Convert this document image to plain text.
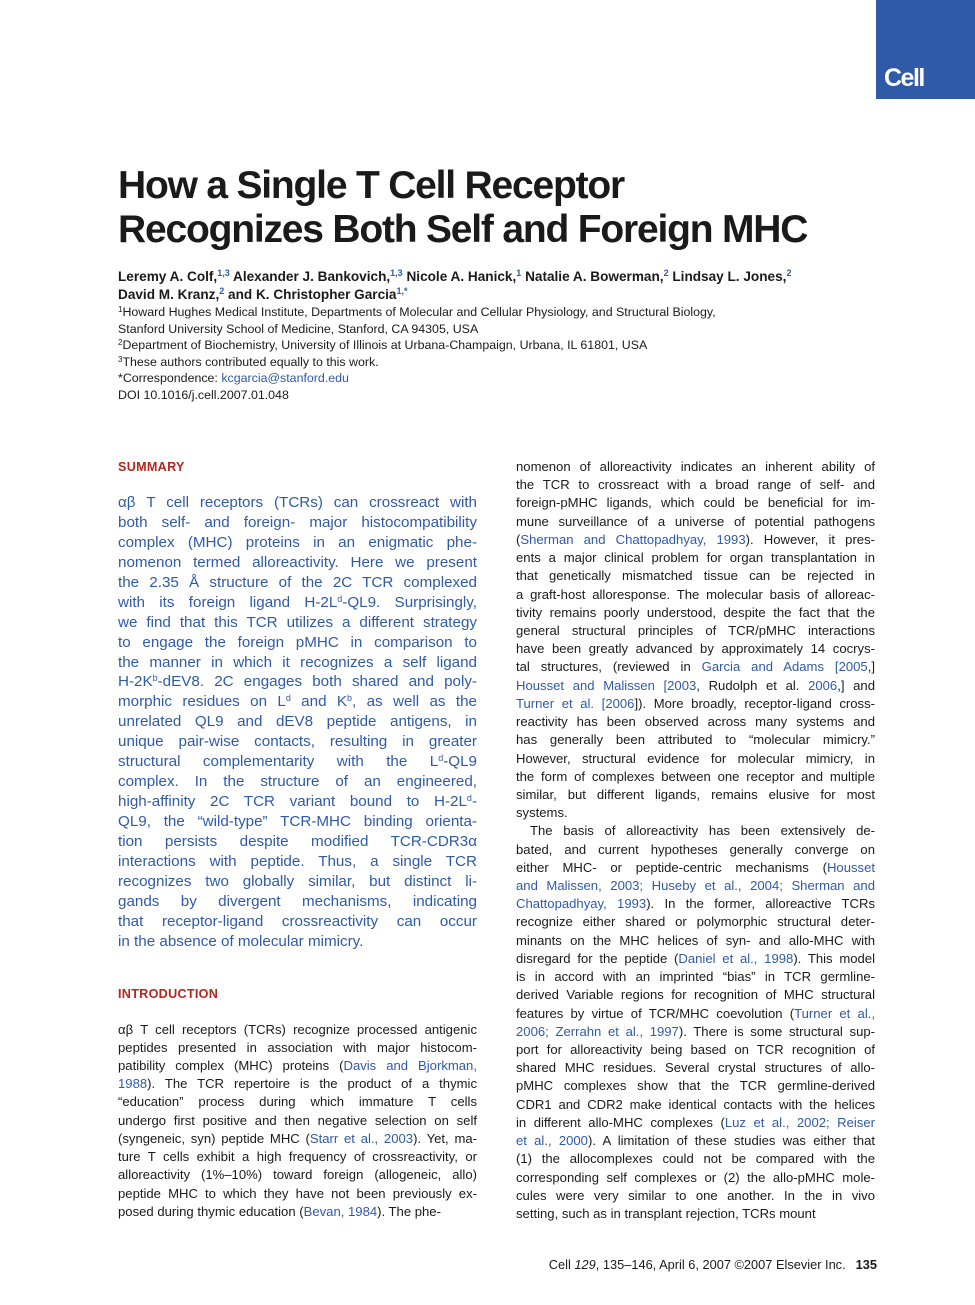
Cell
How a Single T Cell Receptor
Recognizes Both Self and Foreign MHC
Leremy A. Colf,$^{1,3}$ Alexander J. Bankovich,$^{1,3}$ Nicole A. Hanick,$^1$ Natalie A. Bowerman,$^2$ Lindsay L. Jones,$^2$
David M. Kranz,$^2$ and K. Christopher Garcia$^{1,*}$
$^1$Howard Hughes Medical Institute, Departments of Molecular and Cellular Physiology, and Structural Biology,
Stanford University School of Medicine, Stanford, CA 94305, USA
$^2$Department of Biochemistry, University of Illinois at Urbana-Champaign, Urbana, IL 61801, USA
$^3$These authors contributed equally to this work.
*Correspondence: kcgarcia@stanford.edu
DOI 10.1016/j.cell.2007.01.048
SUMMARY
αβ T cell receptors (TCRs) can crossreact with
both self- and foreign- major histocompatibility
complex (MHC) proteins in an enigmatic phe-
nomenon termed alloreactivity. Here we present
the 2.35 Å structure of the 2C TCR complexed
with its foreign ligand $H-2L^d-QL9$. Surprisingly,
we find that this TCR utilizes a different strategy
to engage the foreign pMHC in comparison to
the manner in which it recognizes a self ligand
$H-2K^b-dEV8$. 2C engages both shared and poly-
morphic residues on $L^d$ and $K^b$, as well as the
unrelated QL9 and dEV8 peptide antigens, in
unique pair-wise contacts, resulting in greater
structural complementarity with the $L^d-QL9$
complex. In the structure of an engineered,
high-affinity 2C TCR variant bound to $H-2L^d-$
QL9, the “wild-type” TCR-MHC binding orienta-
tion persists despite modified TCR-CDR3α
interactions with peptide. Thus, a single TCR
recognizes two globally similar, but distinct li-
gands by divergent mechanisms, indicating
that receptor-ligand crossreactivity can occur
in the absence of molecular mimicry.
INTRODUCTION
αβ T cell receptors (TCRs) recognize processed antigenic
peptides presented in association with major histocom-
patibility complex (MHC) proteins (Davis and Bjorkman,
1988). The TCR repertoire is the product of a thymic
“education” process during which immature T cells
undergo first positive and then negative selection on self
(syngeneic, syn) peptide MHC (Starr et al., 2003). Yet, ma-
ture T cells exhibit a high frequency of crossreactivity, or
alloreactivity (1%–10%) toward foreign (allogeneic, allo)
peptide MHC to which they have not been previously ex-
posed during thymic education (Bevan, 1984). The phe-
nomenon of alloreactivity indicates an inherent ability of
the TCR to crossreact with a broad range of self- and
foreign-pMHC ligands, which could be beneficial for im-
mune surveillance of a universe of potential pathogens
(Sherman and Chattopadhyay, 1993). However, it pres-
ents a major clinical problem for organ transplantation in
that genetically mismatched tissue can be rejected in
a graft-host alloresponse. The molecular basis of alloreac-
tivity remains poorly understood, despite the fact that the
general structural principles of TCR/pMHC interactions
have been greatly advanced by approximately 14 cocrys-
tal structures, (reviewed in Garcia and Adams [2005,]
Housset and Malissen [2003, Rudolph et al. 2006,] and
Turner et al. [2006]). More broadly, receptor-ligand cross-
reactivity has been observed across many systems and
has generally been attributed to “molecular mimicry.”
However, structural evidence for molecular mimicry, in
the form of complexes between one receptor and multiple
similar, but different ligands, remains elusive for most
systems.
The basis of alloreactivity has been extensively de-
bated, and current hypotheses generally converge on
either MHC- or peptide-centric mechanisms (Housset
and Malissen, 2003; Huseby et al., 2004; Sherman and
Chattopadhyay, 1993). In the former, alloreactive TCRs
recognize either shared or polymorphic structural deter-
minants on the MHC helices of syn- and allo-MHC with
disregard for the peptide (Daniel et al., 1998). This model
is in accord with an imprinted “bias” in TCR germline-
derived Variable regions for recognition of MHC structural
features by virtue of TCR/MHC coevolution (Turner et al.,
2006; Zerrahn et al., 1997). There is some structural sup-
port for alloreactivity being based on TCR recognition of
shared MHC residues. Several crystal structures of allo-
pMHC complexes show that the TCR germline-derived
CDR1 and CDR2 make identical contacts with the helices
in different allo-MHC complexes (Luz et al., 2002; Reiser
et al., 2000). A limitation of these studies was either that
(1) the allocomplexes could not be compared with the
corresponding self complexes or (2) the allo-pMHC mole-
cules were very similar to one another. In the in vivo
setting, such as in transplant rejection, TCRs mount
Cell 129, 135–146, April 6, 2007 ©2007 Elsevier Inc. 135
